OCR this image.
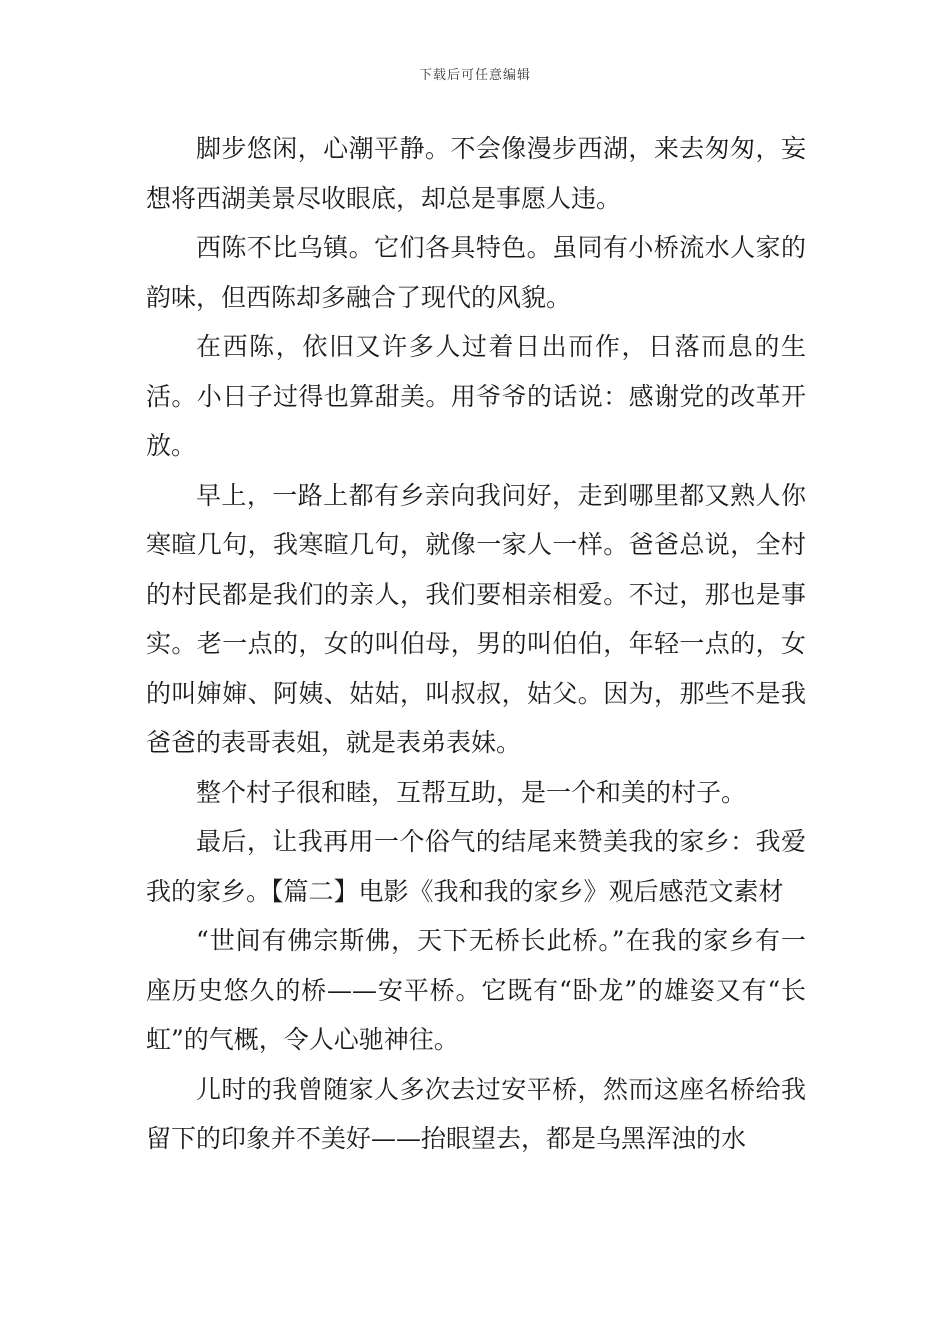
下载后可任意编辑

脚步悠闲，心潮平静。不会像漫步西湖，来去匆匆，妄想将西湖美景尽收眼底，却总是事愿人违。

西陈不比乌镇。它们各具特色。虽同有小桥流水人家的韵味，但西陈却多融合了现代的风貌。

在西陈，依旧又许多人过着日出而作，日落而息的生活。小日子过得也算甜美。用爷爷的话说：感谢党的改革开放。

早上，一路上都有乡亲向我问好，走到哪里都又熟人你寒暄几句，我寒暄几句，就像一家人一样。爸爸总说，全村的村民都是我们的亲人，我们要相亲相爱。不过，那也是事实。老一点的，女的叫伯母，男的叫伯伯，年轻一点的，女的叫婶婶、阿姨、姑姑，叫叔叔，姑父。因为，那些不是我爸爸的表哥表姐，就是表弟表妹。

整个村子很和睦，互帮互助，是一个和美的村子。

最后，让我再用一个俗气的结尾来赞美我的家乡：我爱我的家乡。【篇二】电影《我和我的家乡》观后感范文素材

“世间有佛宗斯佛，天下无桥长此桥。”在我的家乡有一座历史悠久的桥——安平桥。它既有“卧龙”的雄姿又有“长虹”的气概，令人心驰神往。

儿时的我曾随家人多次去过安平桥，然而这座名桥给我留下的印象并不美好——抬眼望去，都是乌黑浑浊的水
